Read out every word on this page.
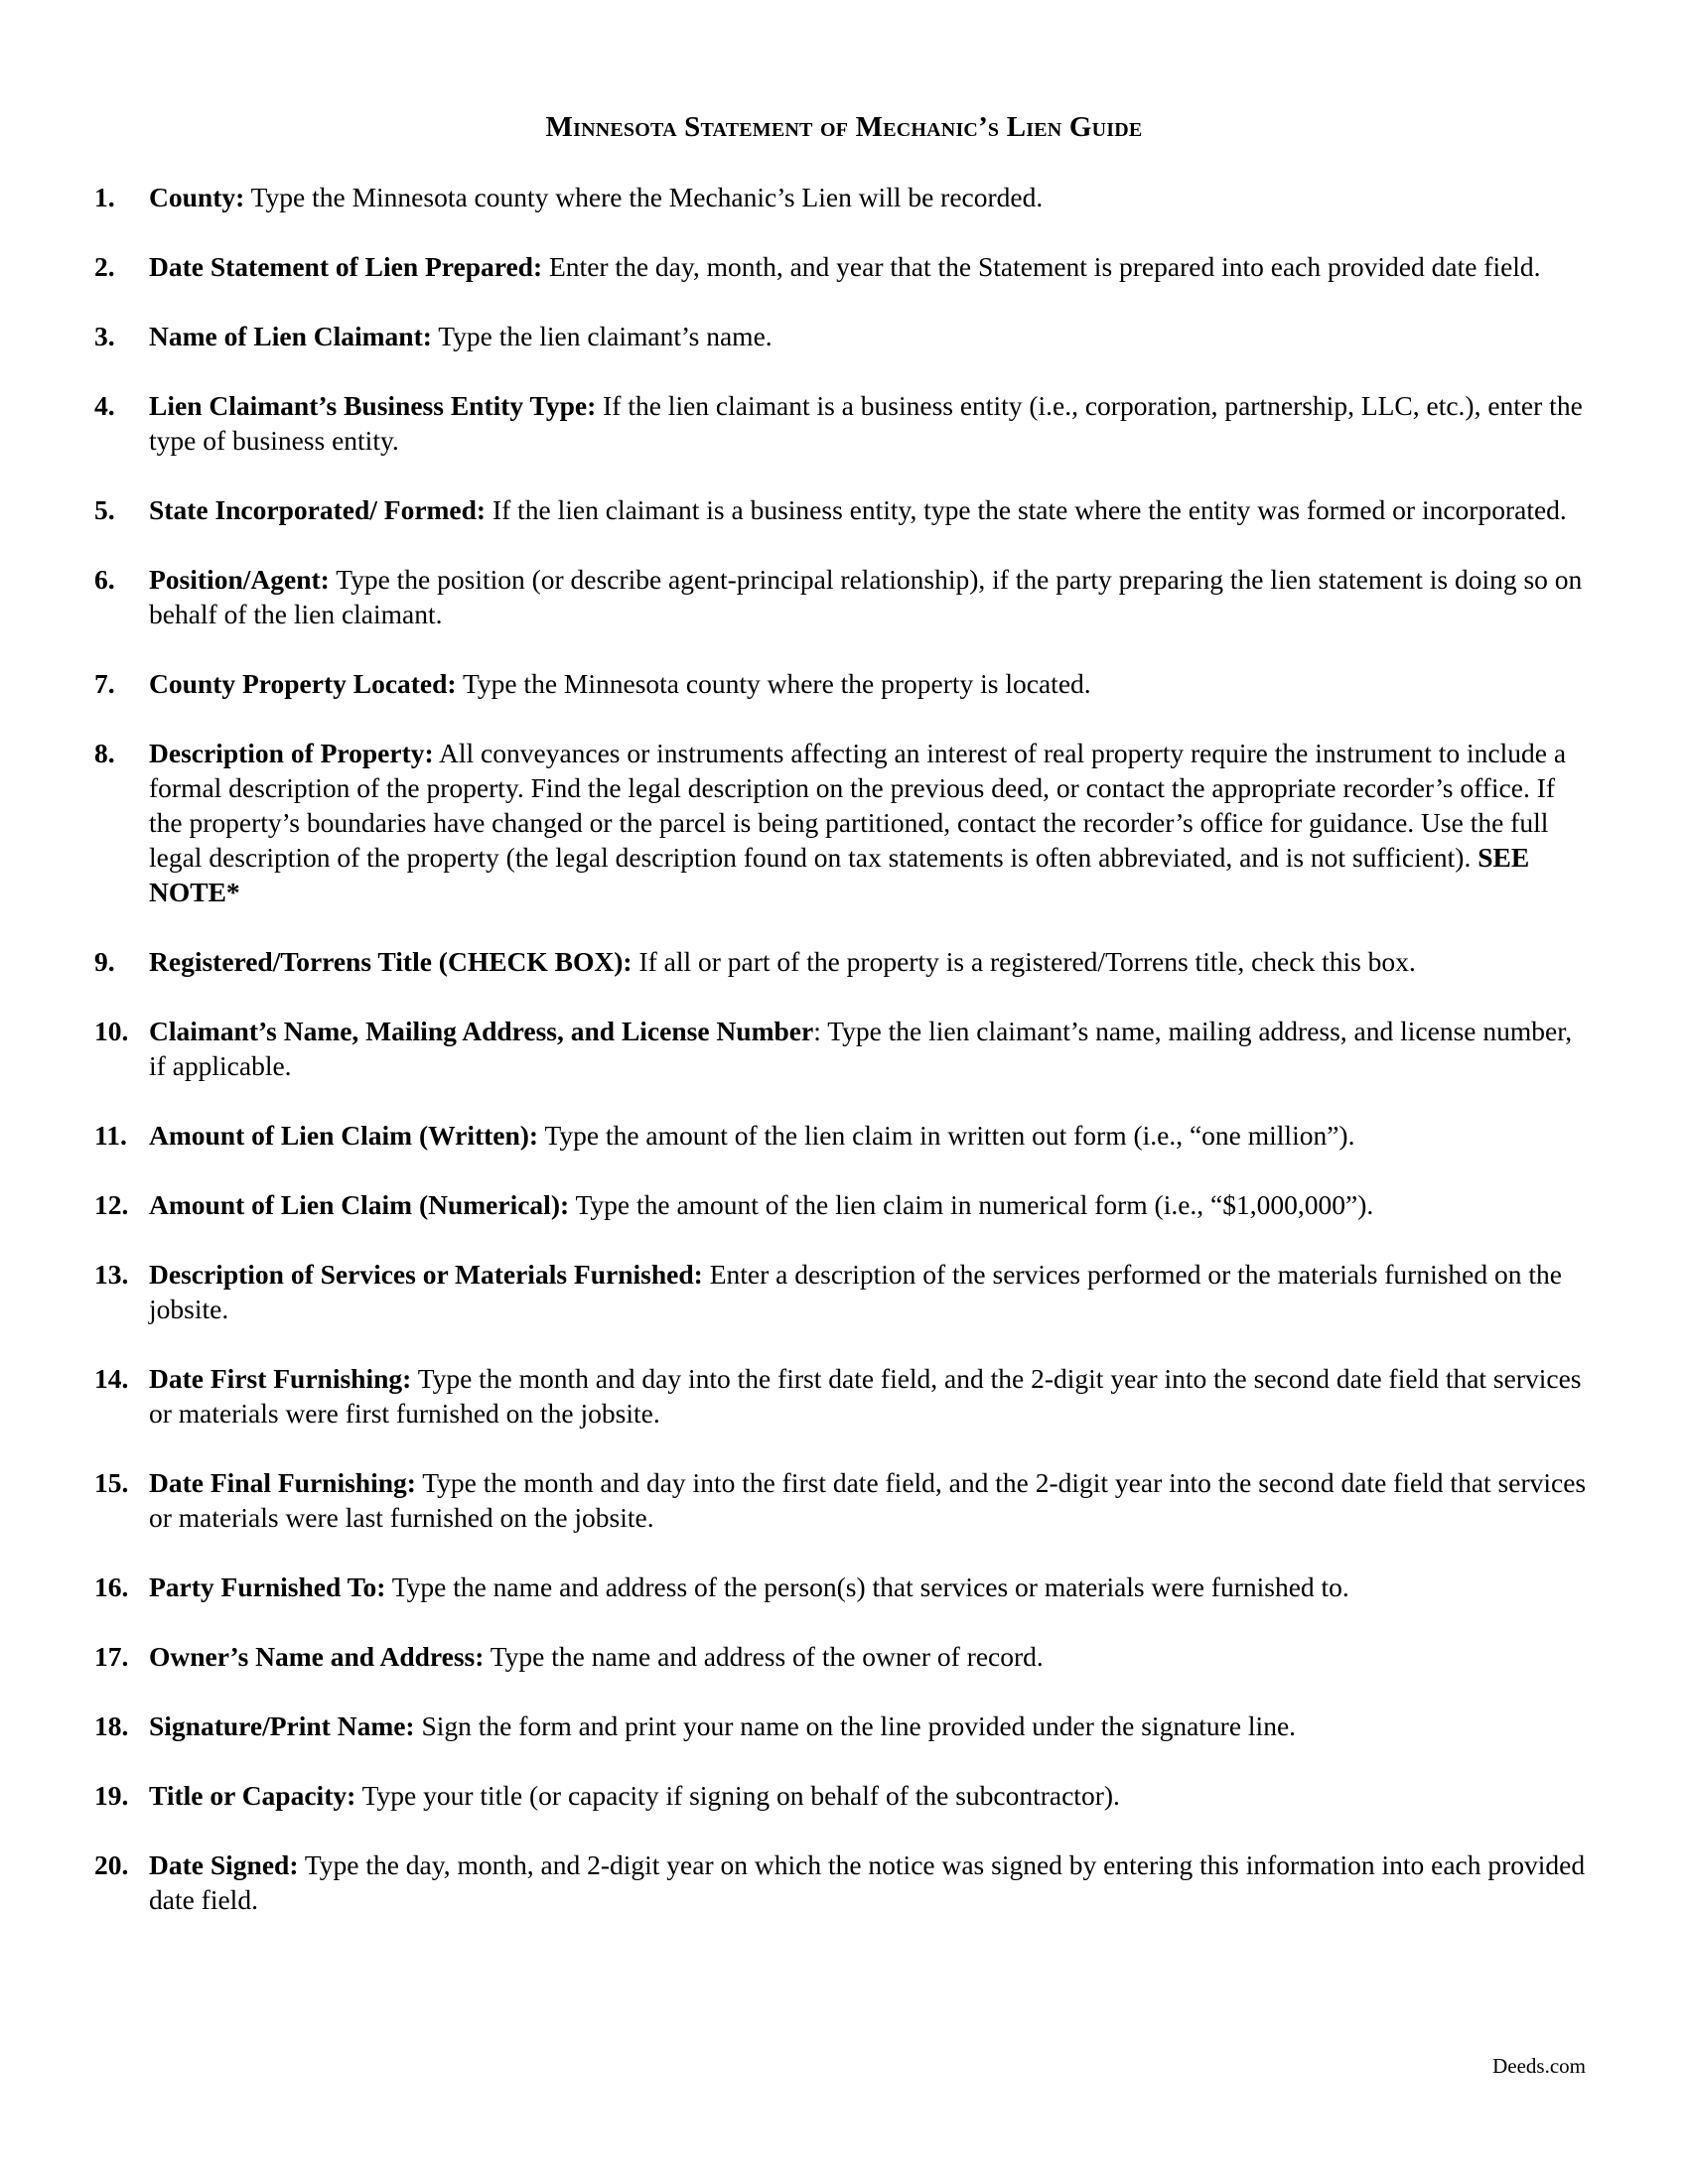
Minnesota Statement of Mechanic’s Lien Guide
1. County: Type the Minnesota county where the Mechanic’s Lien will be recorded.
2. Date Statement of Lien Prepared: Enter the day, month, and year that the Statement is prepared into each provided date field.
3. Name of Lien Claimant: Type the lien claimant’s name.
4. Lien Claimant’s Business Entity Type: If the lien claimant is a business entity (i.e., corporation, partnership, LLC, etc.), enter the type of business entity.
5. State Incorporated/ Formed: If the lien claimant is a business entity, type the state where the entity was formed or incorporated.
6. Position/Agent: Type the position (or describe agent-principal relationship), if the party preparing the lien statement is doing so on behalf of the lien claimant.
7. County Property Located: Type the Minnesota county where the property is located.
8. Description of Property: All conveyances or instruments affecting an interest of real property require the instrument to include a formal description of the property. Find the legal description on the previous deed, or contact the appropriate recorder’s office. If the property’s boundaries have changed or the parcel is being partitioned, contact the recorder’s office for guidance. Use the full legal description of the property (the legal description found on tax statements is often abbreviated, and is not sufficient). SEE NOTE*
9. Registered/Torrens Title (CHECK BOX): If all or part of the property is a registered/Torrens title, check this box.
10. Claimant’s Name, Mailing Address, and License Number: Type the lien claimant’s name, mailing address, and license number, if applicable.
11. Amount of Lien Claim (Written): Type the amount of the lien claim in written out form (i.e., “one million”).
12. Amount of Lien Claim (Numerical): Type the amount of the lien claim in numerical form (i.e., “$1,000,000”).
13. Description of Services or Materials Furnished: Enter a description of the services performed or the materials furnished on the jobsite.
14. Date First Furnishing: Type the month and day into the first date field, and the 2-digit year into the second date field that services or materials were first furnished on the jobsite.
15. Date Final Furnishing: Type the month and day into the first date field, and the 2-digit year into the second date field that services or materials were last furnished on the jobsite.
16. Party Furnished To: Type the name and address of the person(s) that services or materials were furnished to.
17. Owner’s Name and Address: Type the name and address of the owner of record.
18. Signature/Print Name: Sign the form and print your name on the line provided under the signature line.
19. Title or Capacity: Type your title (or capacity if signing on behalf of the subcontractor).
20. Date Signed: Type the day, month, and 2-digit year on which the notice was signed by entering this information into each provided date field.

Deeds.com
